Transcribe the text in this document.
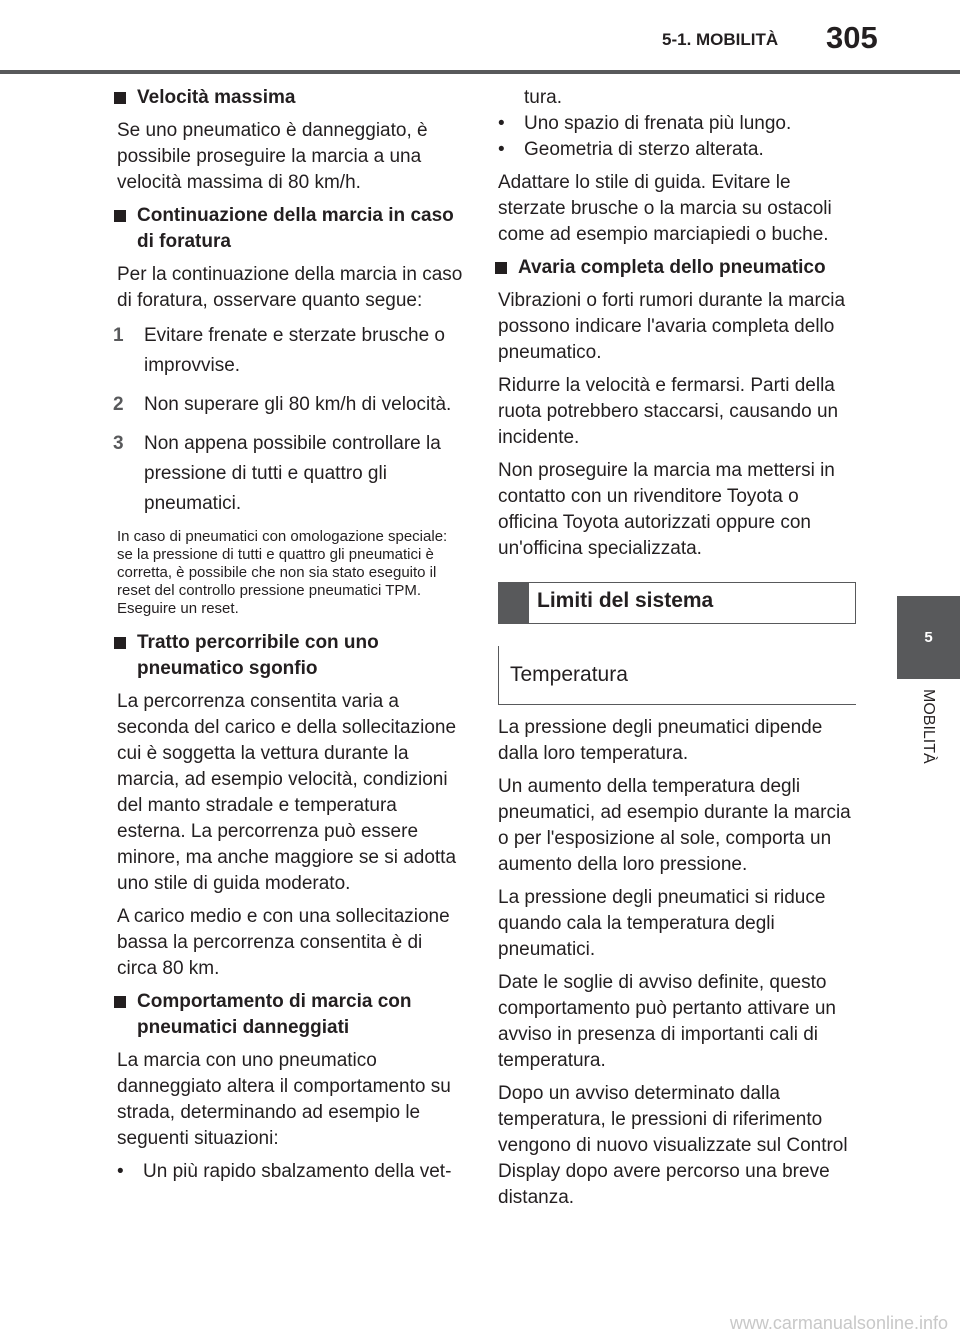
5-1. MOBILITÀ 305
5
MOBILITÀ
Velocità massima

Se uno pneumatico è danneggiato, è possibile proseguire la marcia a una velocità massima di 80 km/h.

Continuazione della marcia in caso di foratura

Per la continuazione della marcia in caso di foratura, osservare quanto segue:

1 Evitare frenate e sterzate brusche o improvvise.
2 Non superare gli 80 km/h di velocità.
3 Non appena possibile controllare la pressione di tutti e quattro gli pneumatici.

In caso di pneumatici con omologazione speciale: se la pressione di tutti e quattro gli pneumatici è corretta, è possibile che non sia stato eseguito il reset del controllo pressione pneumatici TPM. Eseguire un reset.

Tratto percorribile con uno pneumatico sgonfio

La percorrenza consentita varia a seconda del carico e della sollecitazione cui è soggetta la vettura durante la marcia, ad esempio velocità, condizioni del manto stradale e temperatura esterna. La percorrenza può essere minore, ma anche maggiore se si adotta uno stile di guida moderato.

A carico medio e con una sollecitazione bassa la percorrenza consentita è di circa 80 km.

Comportamento di marcia con pneumatici danneggiati

La marcia con uno pneumatico danneggiato altera il comportamento su strada, determinando ad esempio le seguenti situazioni:

• Un più rapido sbalzamento della vet-
tura.
• Uno spazio di frenata più lungo.
• Geometria di sterzo alterata.

Adattare lo stile di guida. Evitare le sterzate brusche o la marcia su ostacoli come ad esempio marciapiedi o buche.

Avaria completa dello pneumatico

Vibrazioni o forti rumori durante la marcia possono indicare l'avaria completa dello pneumatico.

Ridurre la velocità e fermarsi. Parti della ruota potrebbero staccarsi, causando un incidente.

Non proseguire la marcia ma mettersi in contatto con un rivenditore Toyota o officina Toyota autorizzati oppure con un'officina specializzata.

Limiti del sistema
Temperatura

La pressione degli pneumatici dipende dalla loro temperatura.

Un aumento della temperatura degli pneumatici, ad esempio durante la marcia o per l'esposizione al sole, comporta un aumento della loro pressione.

La pressione degli pneumatici si riduce quando cala la temperatura degli pneumatici.

Date le soglie di avviso definite, questo comportamento può pertanto attivare un avviso in presenza di importanti cali di temperatura.

Dopo un avviso determinato dalla temperatura, le pressioni di riferimento vengono di nuovo visualizzate sul Control Display dopo avere percorso una breve distanza.

www.carmanualsonline.info
